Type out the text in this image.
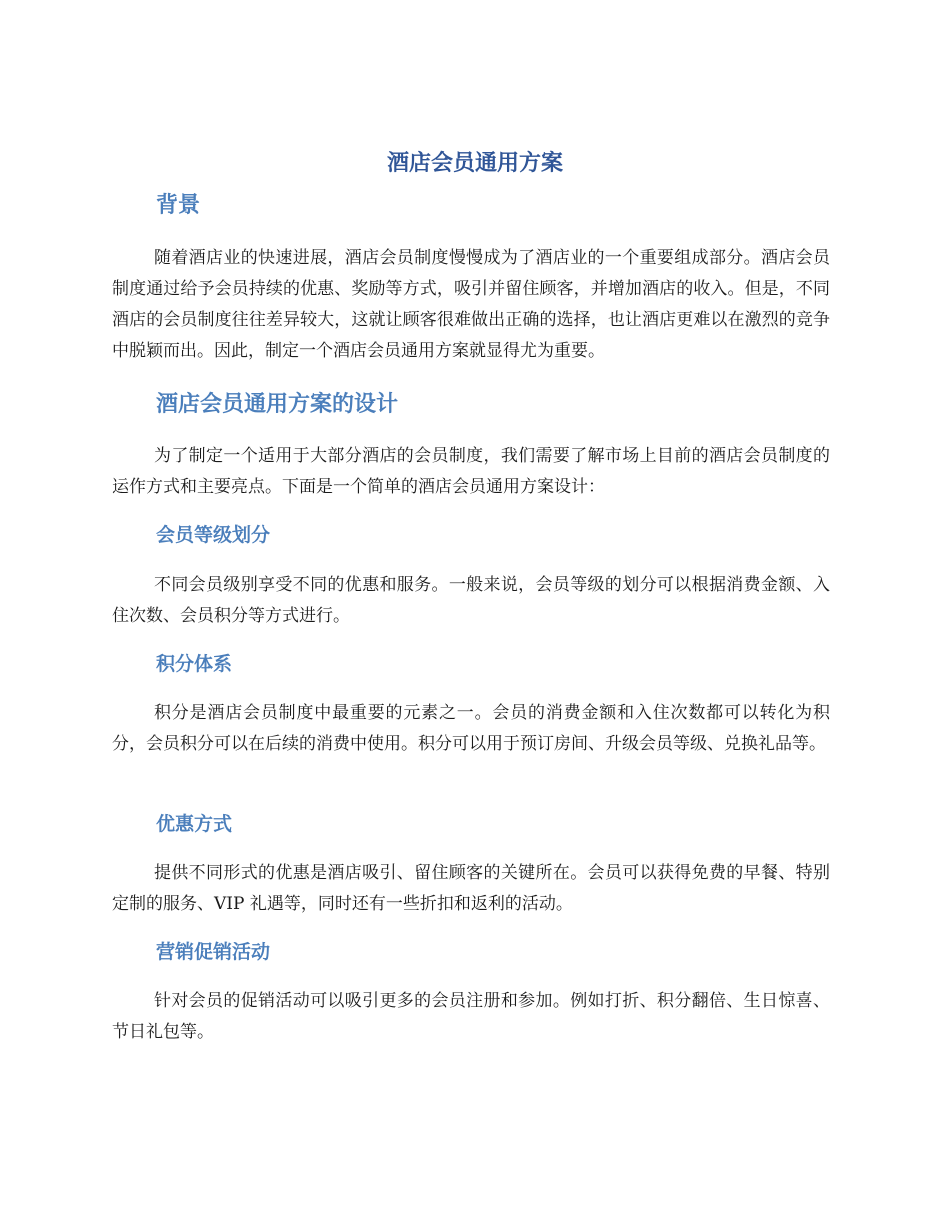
酒店会员通用方案
背景

随着酒店业的快速进展，酒店会员制度慢慢成为了酒店业的一个重要组成部分。酒店会员制度通过给予会员持续的优惠、奖励等方式，吸引并留住顾客，并增加酒店的收入。但是，不同酒店的会员制度往往差异较大，这就让顾客很难做出正确的选择，也让酒店更难以在激烈的竞争中脱颖而出。因此，制定一个酒店会员通用方案就显得尤为重要。

酒店会员通用方案的设计

为了制定一个适用于大部分酒店的会员制度，我们需要了解市场上目前的酒店会员制度的运作方式和主要亮点。下面是一个简单的酒店会员通用方案设计：

会员等级划分

不同会员级别享受不同的优惠和服务。一般来说，会员等级的划分可以根据消费金额、入住次数、会员积分等方式进行。

积分体系

积分是酒店会员制度中最重要的元素之一。会员的消费金额和入住次数都可以转化为积分，会员积分可以在后续的消费中使用。积分可以用于预订房间、升级会员等级、兑换礼品等。

优惠方式

提供不同形式的优惠是酒店吸引、留住顾客的关键所在。会员可以获得免费的早餐、特别定制的服务、VIP 礼遇等，同时还有一些折扣和返利的活动。

营销促销活动

针对会员的促销活动可以吸引更多的会员注册和参加。例如打折、积分翻倍、生日惊喜、节日礼包等。
